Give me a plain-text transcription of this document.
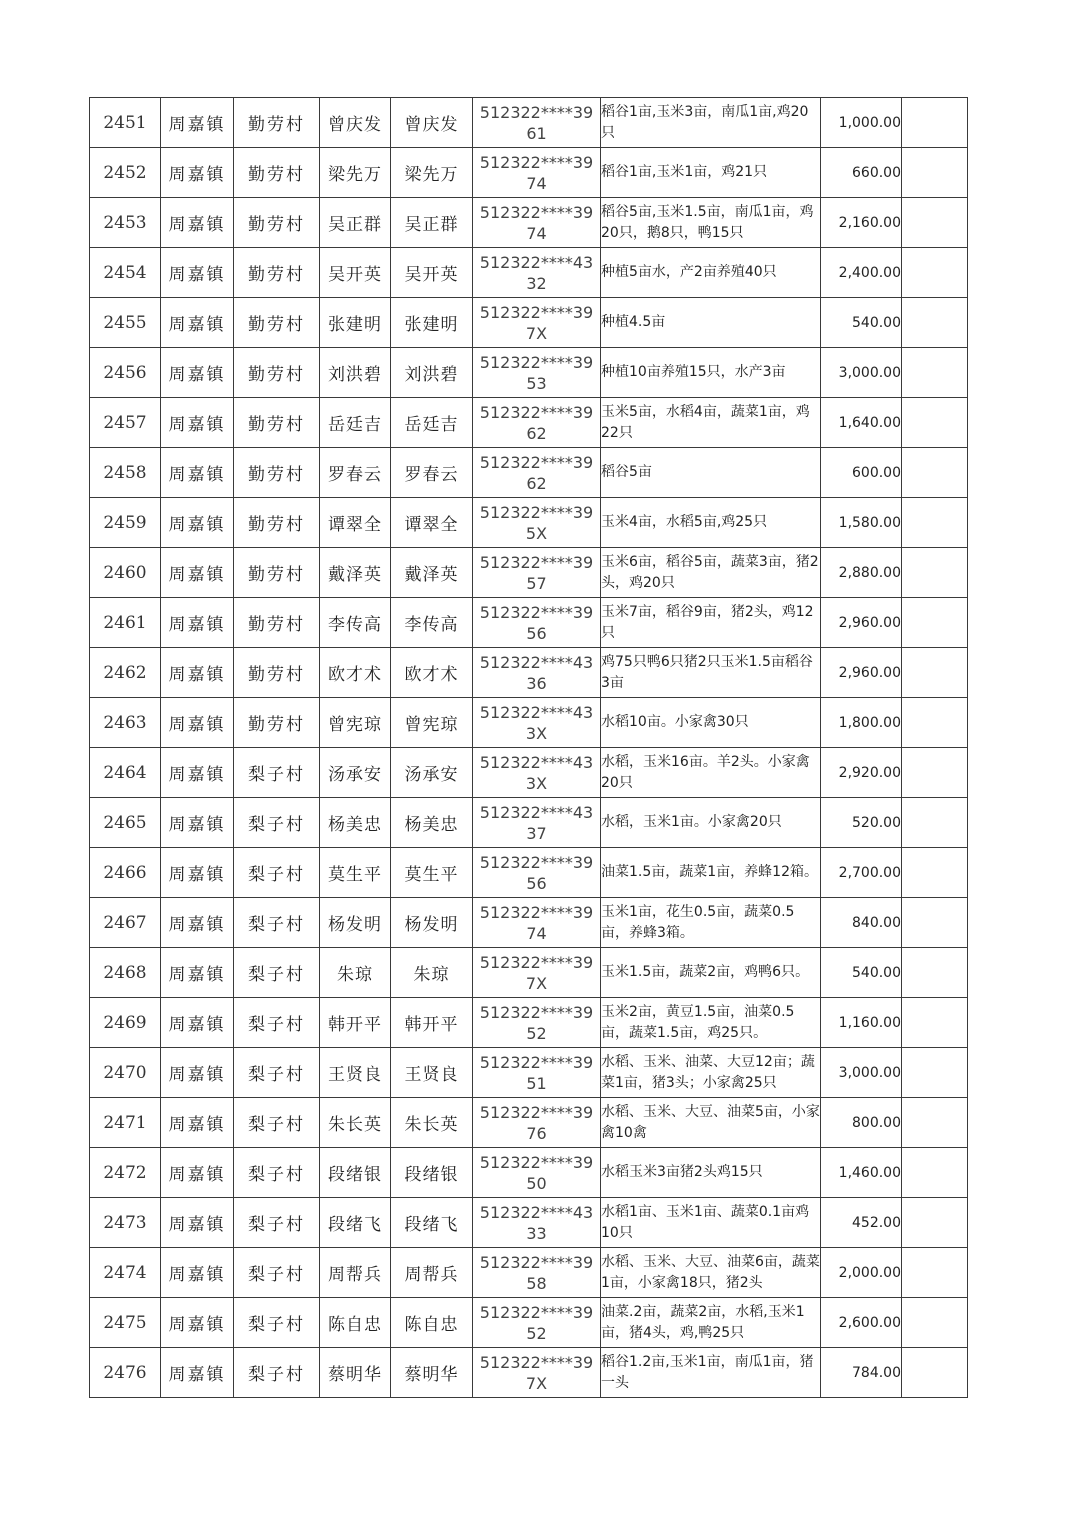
2451	周嘉镇	勤劳村	曾庆发	曾庆发	512322****3961	稻谷1亩,玉米3亩，南瓜1亩,鸡20只	1,000.00	
2452	周嘉镇	勤劳村	梁先万	梁先万	512322****3974	稻谷1亩,玉米1亩，鸡21只	660.00	
2453	周嘉镇	勤劳村	吴正群	吴正群	512322****3974	稻谷5亩,玉米1.5亩，南瓜1亩，鸡20只，鹅8只，鸭15只	2,160.00	
2454	周嘉镇	勤劳村	吴开英	吴开英	512322****4332	种植5亩水，产2亩养殖40只	2,400.00	
2455	周嘉镇	勤劳村	张建明	张建明	512322****397X	种植4.5亩	540.00	
2456	周嘉镇	勤劳村	刘洪碧	刘洪碧	512322****3953	种植10亩养殖15只，水产3亩	3,000.00	
2457	周嘉镇	勤劳村	岳廷吉	岳廷吉	512322****3962	玉米5亩，水稻4亩，蔬菜1亩，鸡22只	1,640.00	
2458	周嘉镇	勤劳村	罗春云	罗春云	512322****3962	稻谷5亩	600.00	
2459	周嘉镇	勤劳村	谭翠全	谭翠全	512322****395X	玉米4亩，水稻5亩,鸡25只	1,580.00	
2460	周嘉镇	勤劳村	戴泽英	戴泽英	512322****3957	玉米6亩，稻谷5亩，蔬菜3亩，猪2头，鸡20只	2,880.00	
2461	周嘉镇	勤劳村	李传高	李传高	512322****3956	玉米7亩，稻谷9亩，猪2头，鸡12只	2,960.00	
2462	周嘉镇	勤劳村	欧才术	欧才术	512322****4336	鸡75只鸭6只猪2只玉米1.5亩稻谷3亩	2,960.00	
2463	周嘉镇	勤劳村	曾宪琼	曾宪琼	512322****433X	水稻10亩。小家禽30只	1,800.00	
2464	周嘉镇	梨子村	汤承安	汤承安	512322****433X	水稻，玉米16亩。羊2头。小家禽20只	2,920.00	
2465	周嘉镇	梨子村	杨美忠	杨美忠	512322****4337	水稻，玉米1亩。小家禽20只	520.00	
2466	周嘉镇	梨子村	莫生平	莫生平	512322****3956	油菜1.5亩，蔬菜1亩，养蜂12箱。	2,700.00	
2467	周嘉镇	梨子村	杨发明	杨发明	512322****3974	玉米1亩，花生0.5亩，蔬菜0.5亩，养蜂3箱。	840.00	
2468	周嘉镇	梨子村	朱琼	朱琼	512322****397X	玉米1.5亩，蔬菜2亩，鸡鸭6只。	540.00	
2469	周嘉镇	梨子村	韩开平	韩开平	512322****3952	玉米2亩，黄豆1.5亩，油菜0.5亩，蔬菜1.5亩，鸡25只。	1,160.00	
2470	周嘉镇	梨子村	王贤良	王贤良	512322****3951	水稻、玉米、油菜、大豆12亩；蔬菜1亩，猪3头；小家禽25只	3,000.00	
2471	周嘉镇	梨子村	朱长英	朱长英	512322****3976	水稻、玉米、大豆、油菜5亩，小家禽10禽	800.00	
2472	周嘉镇	梨子村	段绪银	段绪银	512322****3950	水稻玉米3亩猪2头鸡15只	1,460.00	
2473	周嘉镇	梨子村	段绪飞	段绪飞	512322****4333	水稻1亩、玉米1亩、蔬菜0.1亩鸡10只	452.00	
2474	周嘉镇	梨子村	周帮兵	周帮兵	512322****3958	水稻、玉米、大豆、油菜6亩，蔬菜1亩，小家禽18只，猪2头	2,000.00	
2475	周嘉镇	梨子村	陈自忠	陈自忠	512322****3952	油菜.2亩，蔬菜2亩，水稻,玉米1亩，猪4头，鸡,鸭25只	2,600.00	
2476	周嘉镇	梨子村	蔡明华	蔡明华	512322****397X	稻谷1.2亩,玉米1亩，南瓜1亩，猪一头	784.00	
